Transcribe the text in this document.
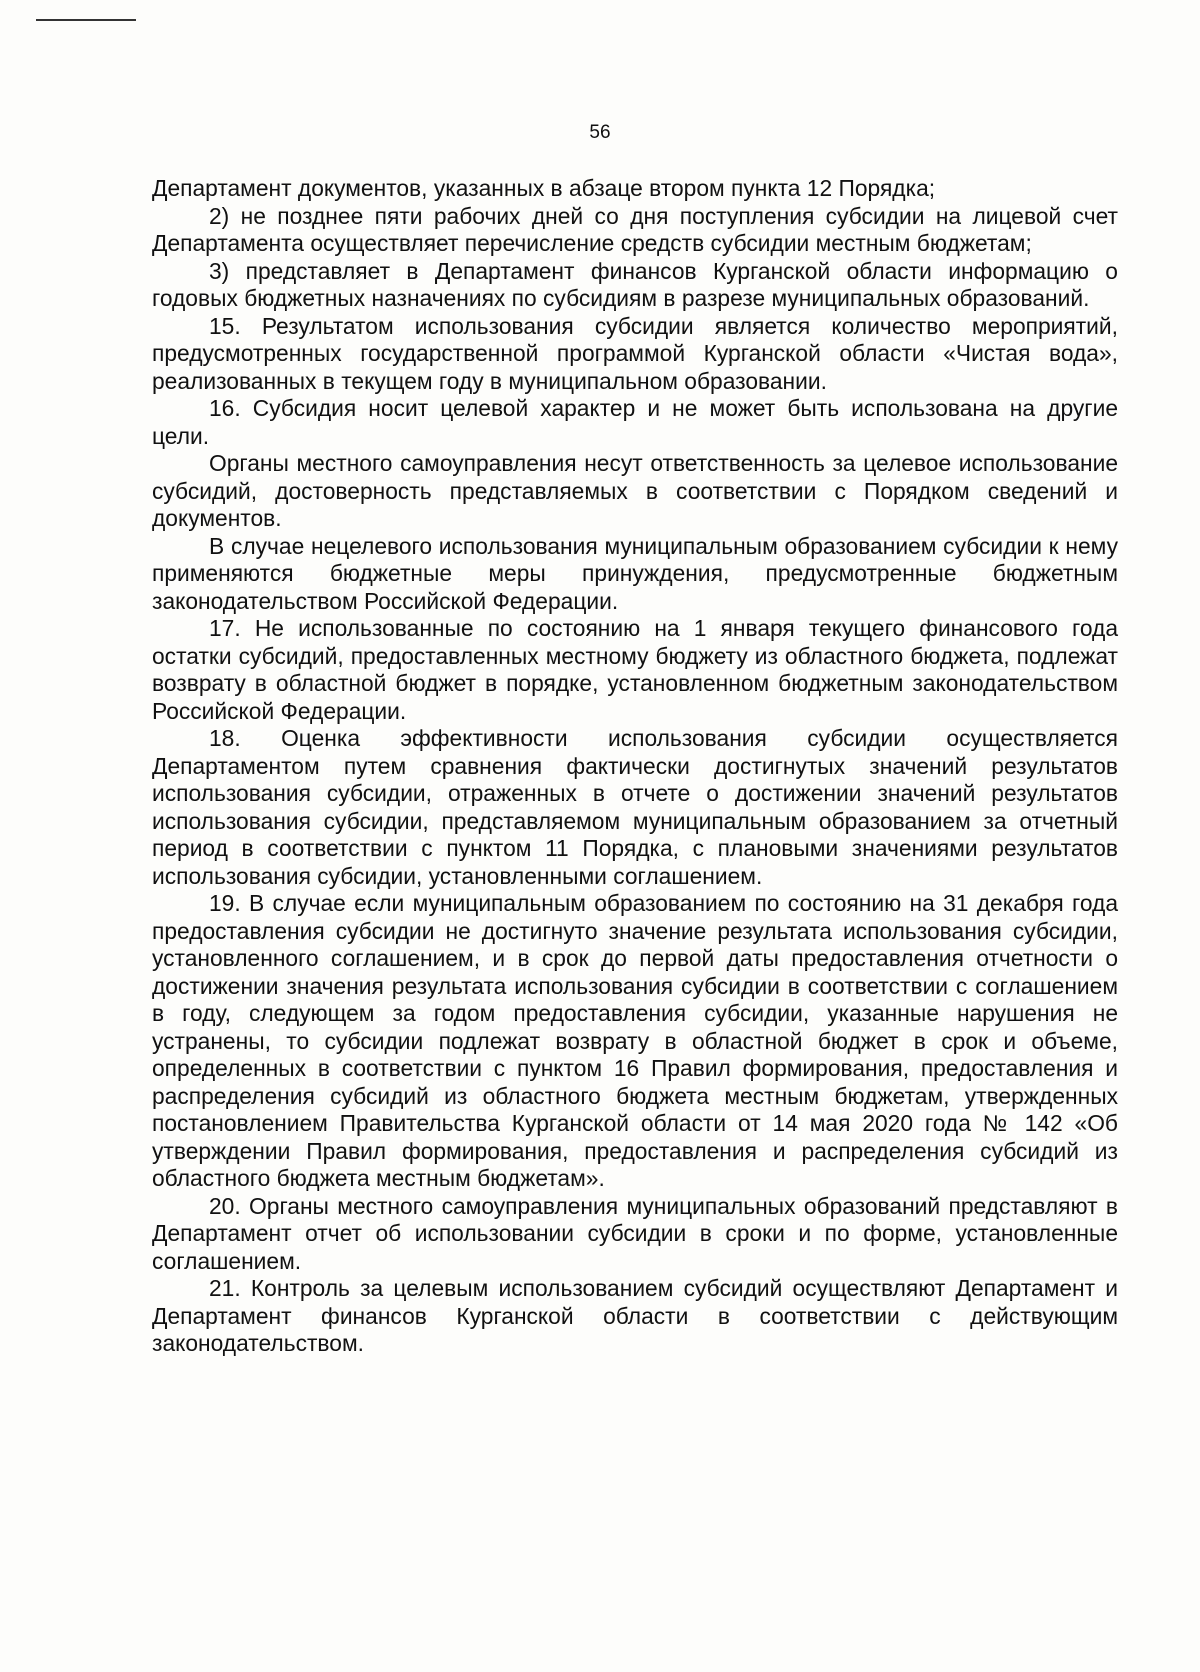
56

Департамент документов, указанных в абзаце втором пункта 12 Порядка;

2) не позднее пяти рабочих дней со дня поступления субсидии на лицевой счет Департамента осуществляет перечисление средств субсидии местным бюджетам;

3) представляет в Департамент финансов Курганской области информацию о годовых бюджетных назначениях по субсидиям в разрезе муниципальных образований.

15. Результатом использования субсидии является количество мероприятий, предусмотренных государственной программой Курганской области «Чистая вода», реализованных в текущем году в муниципальном образовании.

16. Субсидия носит целевой характер и не может быть использована на другие цели.

Органы местного самоуправления несут ответственность за целевое использование субсидий, достоверность представляемых в соответствии с Порядком сведений и документов.

В случае нецелевого использования муниципальным образованием субсидии к нему применяются бюджетные меры принуждения, предусмотренные бюджетным законодательством Российской Федерации.

17. Не использованные по состоянию на 1 января текущего финансового года остатки субсидий, предоставленных местному бюджету из областного бюджета, подлежат возврату в областной бюджет в порядке, установленном бюджетным законодательством Российской Федерации.

18. Оценка эффективности использования субсидии осуществляется Департаментом путем сравнения фактически достигнутых значений результатов использования субсидии, отраженных в отчете о достижении значений результатов использования субсидии, представляемом муниципальным образованием за отчетный период в соответствии с пунктом 11 Порядка, с плановыми значениями результатов использования субсидии, установленными соглашением.

19. В случае если муниципальным образованием по состоянию на 31 декабря года предоставления субсидии не достигнуто значение результата использования субсидии, установленного соглашением, и в срок до первой даты предоставления отчетности о достижении значения результата использования субсидии в соответствии с соглашением в году, следующем за годом предоставления субсидии, указанные нарушения не устранены, то субсидии подлежат возврату в областной бюджет в срок и объеме, определенных в соответствии с пунктом 16 Правил формирования, предоставления и распределения субсидий из областного бюджета местным бюджетам, утвержденных постановлением Правительства Курганской области от 14 мая 2020 года № 142 «Об утверждении Правил формирования, предоставления и распределения субсидий из областного бюджета местным бюджетам».

20. Органы местного самоуправления муниципальных образований представляют в Департамент отчет об использовании субсидии в сроки и по форме, установленные соглашением.

21. Контроль за целевым использованием субсидий осуществляют Департамент и Департамент финансов Курганской области в соответствии с действующим законодательством.
